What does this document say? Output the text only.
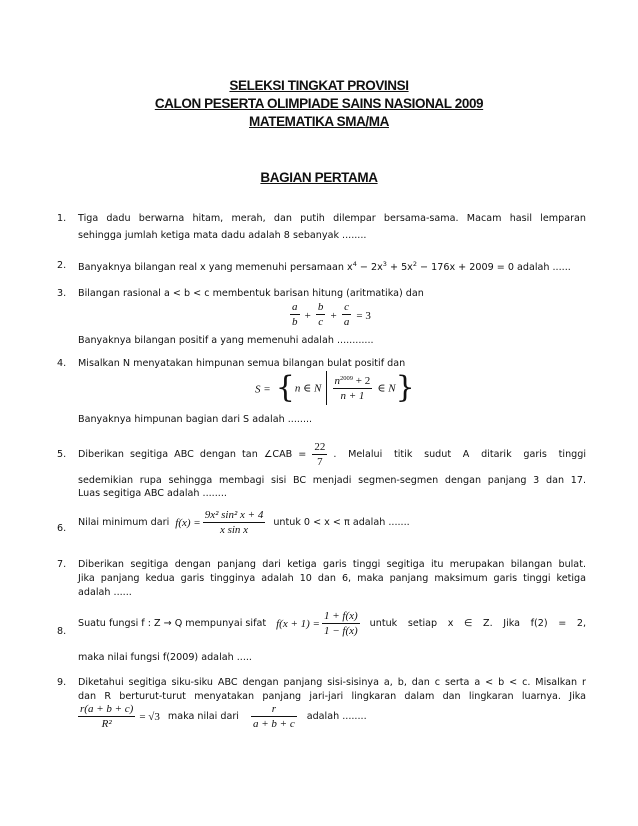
SELEKSI TINGKAT PROVINSI
CALON PESERTA OLIMPIADE SAINS NASIONAL 2009
MATEMATIKA SMA/MA
BAGIAN PERTAMA
1. Tiga dadu berwarna hitam, merah, dan putih dilempar bersama-sama. Macam hasil lemparan
sehingga jumlah ketiga mata dadu adalah 8 sebanyak ........
2. Banyaknya bilangan real x yang memenuhi persamaan $x^4 - 2x^3 + 5x^2 - 176x + 2009 = 0$ adalah ......
3. Bilangan rasional a < b < c membentuk barisan hitung (aritmatika) dan
$\frac{a}{b} + \frac{b}{c} + \frac{c}{a} = 3$
Banyaknya bilangan positif a yang memenuhi adalah ............
4. Misalkan N menyatakan himpunan semua bilangan bulat positif dan
S = {n ∈ N $\frac{n^{2009} + 2}{n + 1}$ ∈ N}
Banyaknya himpunan bagian dari S adalah ........
5. Diberikan segitiga ABC dengan tan ∠CAB = $\frac{22}{7}$ . Melalui titik sudut A ditarik garis tinggi
sedemikian rupa sehingga membagi sisi BC menjadi segmen-segmen dengan panjang 3 dan 17.
Luas segitiga ABC adalah ........
6.
Nilai minimum dari $f(x) = \frac{\text{9x² sin² x + 4}}{\text{x sin x}}$ untuk 0 < x < π adalah .......
7. Diberikan segitiga dengan panjang dari ketiga garis tinggi segitiga itu merupakan bilangan bulat.
Jika panjang kedua garis tingginya adalah 10 dan 6, maka panjang maksimum garis tinggi ketiga
adalah ......
8.
Suatu fungsi f : Z → Q mempunyai sifat $f(x + 1) = \frac{1 + f(x)}{1 - f(x)}$ untuk setiap x ∈ Z. Jika f(2) = 2,
maka nilai fungsi f(2009) adalah .....
9. Diketahui segitiga siku-siku ABC dengan panjang sisi-sisinya a, b, dan c serta a < b < c. Misalkan r
dan R berturut-turut menyatakan panjang jari-jari lingkaran dalam dan lingkaran luarnya. Jika
$\frac{r(a + b + c)}{\text{R²}} = √3$ maka nilai dari
r
a + b + c
adalah ........
